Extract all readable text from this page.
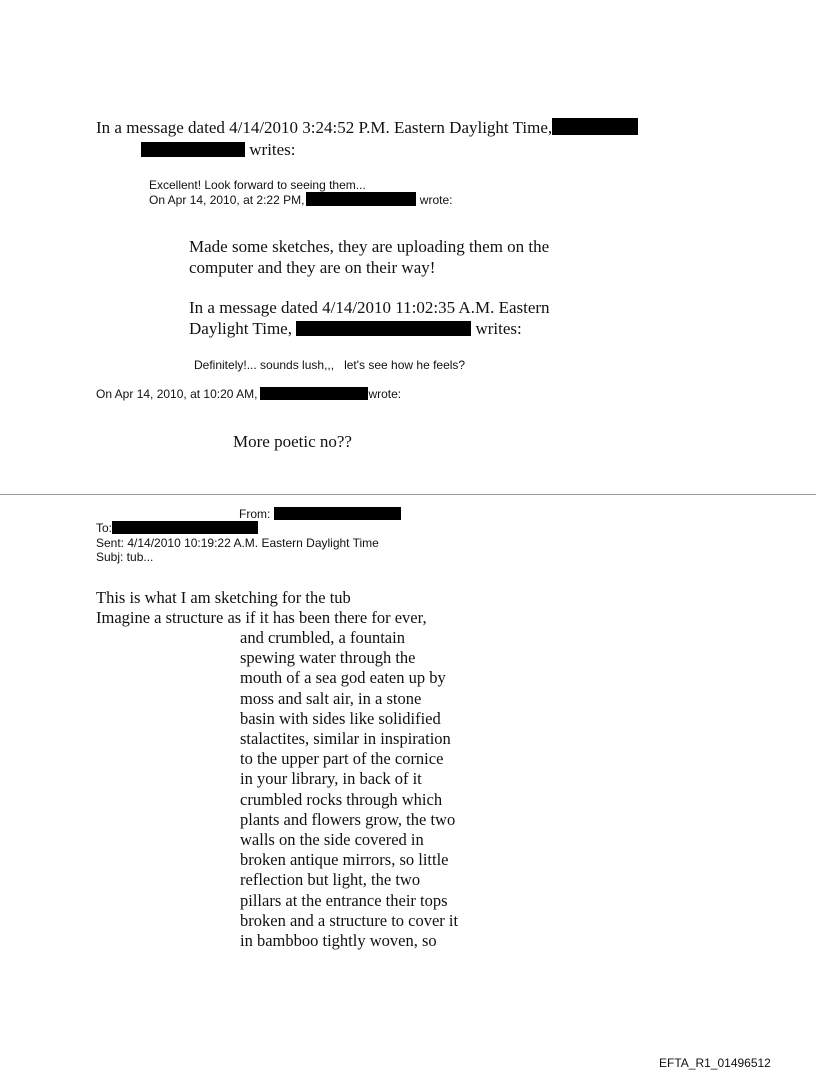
In a message dated 4/14/2010 3:24:52 P.M. Eastern Daylight Time,
writes:
Excellent! Look forward to seeing them...
On Apr 14, 2010, at 2:22 PM,	wrote:
Made some sketches, they are uploading them on the
computer and they are on their way!
In a message dated 4/14/2010 11:02:35 A.M. Eastern
Daylight Time,	writes:
Definitely!... sounds lush,,,   let's see how he feels?
On Apr 14, 2010, at 10:20 AM,	wrote:
More poetic no??
From:
To:
Sent: 4/14/2010 10:19:22 A.M. Eastern Daylight Time
Subj: tub...
This is what I am sketching for the tub
Imagine a structure as if it has been there for ever,
and crumbled, a fountain
spewing water through the
mouth of a sea god eaten up by
moss and salt air, in a stone
basin with sides like solidified
stalactites, similar in inspiration
to the upper part of the cornice
in your library, in back of it
crumbled rocks through which
plants and flowers grow, the two
walls on the side covered in
broken antique mirrors, so little
reflection but light, the two
pillars at the entrance their tops
broken and a structure to cover it
in bambboo tightly woven, so
EFTA_R1_01496512
